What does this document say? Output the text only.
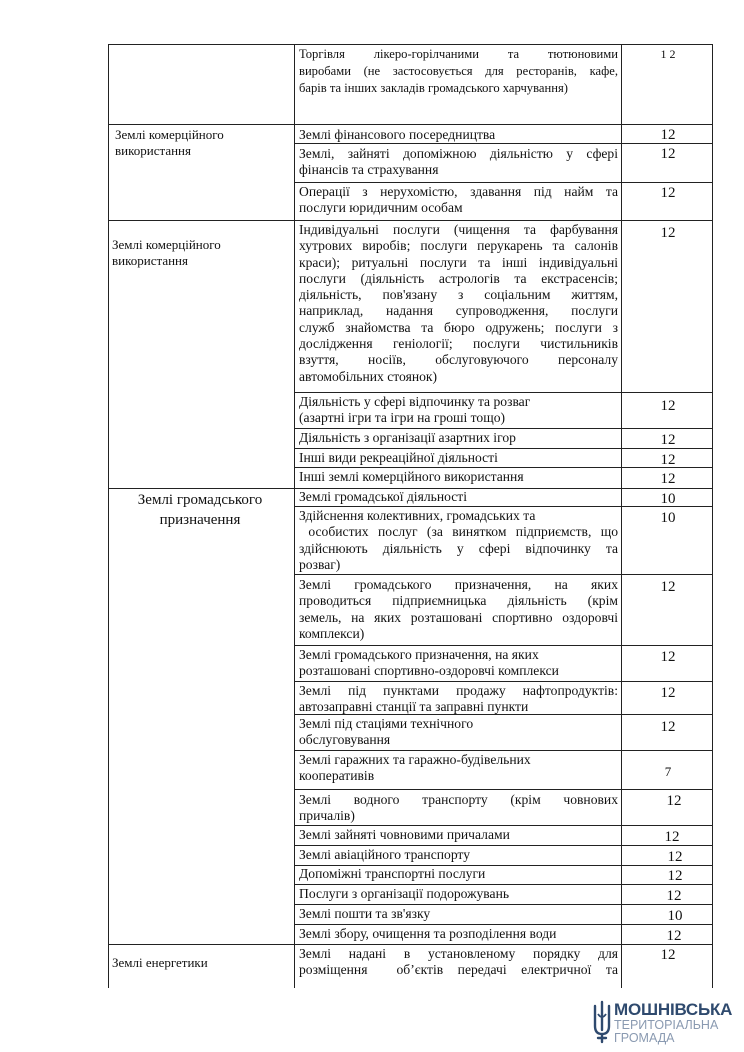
Землі комерційного використання
Землі комерційного використання
Землі громадського призначення
Землі енергетики
Торгівля лікеро-горілчаними та тютюновими
виробами (не застосовується для ресторанів, кафе,
барів та інших закладів громадського харчування)
Землі фінансового посередництва
Землі, зайняті допоміжною діяльністю у сфері
фінансів та страхування
Операції з нерухомістю, здавання під найм та
послуги юридичним особам
Індивідуальні послуги (чищення та фарбування
хутрових виробів; послуги перукарень та салонів
краси); ритуальні послуги та інші індивідуальні
послуги (діяльність астрологів та екстрасенсів;
діяльність, пов'язану з соціальним життям,
наприклад, надання супроводження, послуги
служб знайомства та бюро одружень; послуги з
дослідження геніології; послуги чистильників
взуття, носіїв, обслуговуючого персоналу
автомобільних стоянок)
Діяльність у сфері відпочинку та розваг
(азартні ігри та ігри на гроші тощо)
Діяльність з організації азартних ігор
Інші види рекреаційної діяльності
Інші землі комерційного використання
Землі громадської діяльності
Здійснення колективних, громадських та
особистих послуг (за винятком підприємств, що
здійснюють діяльність у сфері відпочинку та
розваг)
Землі громадського призначення, на яких
проводиться підприємницька діяльність (крім
земель, на яких розташовані спортивно оздоровчі
комплекси)
Землі громадського призначення, на яких
розташовані спортивно-оздоровчі комплекси
Землі під пунктами продажу нафтопродуктів:
автозаправні станції та заправні пункти
Землі під стаціями технічного
обслуговування
Землі гаражних та гаражно-будівельних
кооперативів
Землі водного транспорту (крім човнових
причалів)
Землі зайняті човновими причалами
Землі авіаційного транспорту
Допоміжні транспортні послуги
Послуги з організації подорожувань
Землі пошти та зв'язку
Землі збору, очищення та розподілення води
Землі надані в установленому порядку для
розміщення  об’єктів передачі електричної та
1 2
12
12
12
12
12
12
12
12
10
10
12
12
12
12
7
12
12
12
12
12
10
12
12
МОШНІВСЬКА
ТЕРИТОРІАЛЬНА
ГРОМАДА
